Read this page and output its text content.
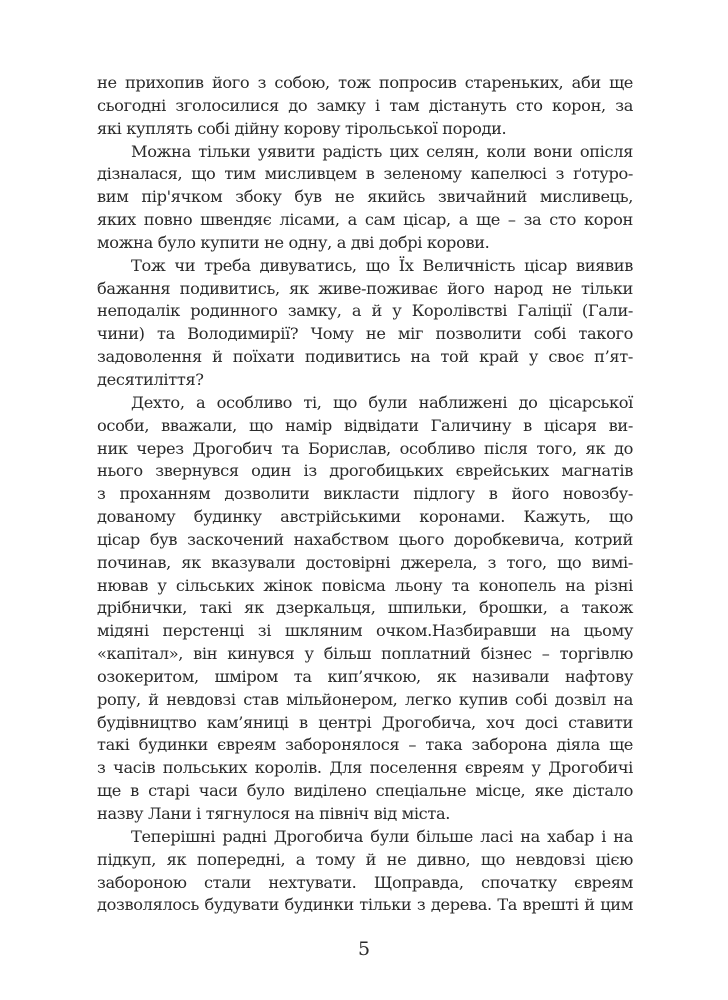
не прихопив його з собою, тож попросив старeньких, аби ще
сьогодні зголосилися до замку і там дістануть сто корон, за
які куплять собі дійну корову тірольської породи.
Можна тільки уявити радість цих селян, коли вони опісля
дізналася, що тим мисливцем в зеленому капелюсі з ґотуро-
вим пір'ячком збоку був не якийсь звичайний мисливець,
яких повно швендяє лісами, а сам цісар, а ще – за сто корон
можна було купити не одну, а дві добрі корови.
Тож чи треба дивуватись, що Їх Величність цісар виявив
бажання подивитись, як живе-поживає його народ не тільки
неподалік родинного замку, а й у Королівстві Галіції (Гали-
чини) та Володимирії? Чому не міг позволити собі такого
задоволення й поїхати подивитись на той край у своє п’ят-
десятиліття?
Дехто, а особливо ті, що були наближені до цісарської
особи, вважали, що намір відвідати Галичину в цісаря ви-
ник через Дрогобич та Борислав, особливо після того, як до
нього звернувся один із дрогобицьких єврейських магнатів
з проханням дозволити викласти підлогу в його новозбу-
дованому будинку австрійськими коронами. Кажуть, що
цісар був заскочений нахабством цього доробкевича, котрий
починав, як вказували достовірні джерела, з того, що вимі-
нював у сільських жінок повісма льону та конопель на різні
дрібнички, такі як дзеркальця, шпильки, брошки, а також
мідяні перстенці зі шкляним очком.Назбиравши на цьому
«капітал», він кинувся у більш поплатний бізнес – торгівлю
озокеритом, шміром та кип’ячкою, як називали нафтову
ропу, й невдовзі став мільйонером, легко купив собі дозвіл на
будівництво кам’яниці в центрі Дрогобича, хоч досі ставити
такі будинки євреям заборонялося – така заборона діяла ще
з часів польських королів. Для поселення євреям у Дрогобичі
ще в старі часи було виділено спеціальне місце, яке дістало
назву Лани і тягнулося на північ від міста.
Теперішні радні Дрогобича були більше ласі на хабар і на
підкуп, як попередні, а тому й не дивно, що невдовзі цією
забороною стали нехтувати. Щоправда, спочатку євреям
дозволялось будувати будинки тільки з дерева. Та врешті й цим
5
